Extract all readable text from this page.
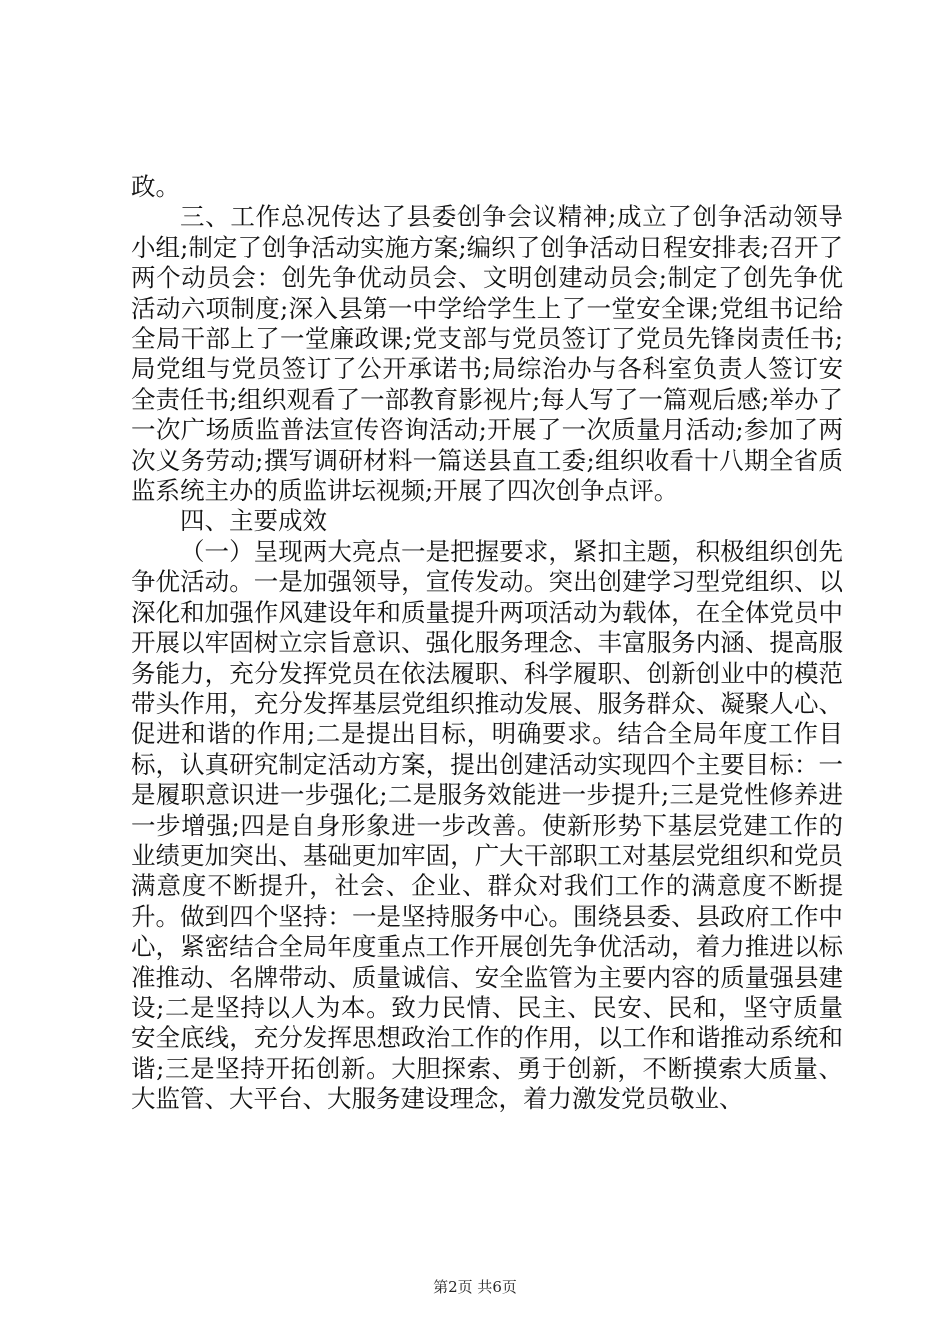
政。

三、工作总况传达了县委创争会议精神;成立了创争活动领导小组;制定了创争活动实施方案;编织了创争活动日程安排表;召开了两个动员会：创先争优动员会、文明创建动员会;制定了创先争优活动六项制度;深入县第一中学给学生上了一堂安全课;党组书记给全局干部上了一堂廉政课;党支部与党员签订了党员先锋岗责任书;局党组与党员签订了公开承诺书;局综治办与各科室负责人签订安全责任书;组织观看了一部教育影视片;每人写了一篇观后感;举办了一次广场质监普法宣传咨询活动;开展了一次质量月活动;参加了两次义务劳动;撰写调研材料一篇送县直工委;组织收看十八期全省质监系统主办的质监讲坛视频;开展了四次创争点评。

四、主要成效

（一）呈现两大亮点一是把握要求，紧扣主题，积极组织创先争优活动。一是加强领导，宣传发动。突出创建学习型党组织、以深化和加强作风建设年和质量提升两项活动为载体，在全体党员中开展以牢固树立宗旨意识、强化服务理念、丰富服务内涵、提高服务能力，充分发挥党员在依法履职、科学履职、创新创业中的模范带头作用，充分发挥基层党组织推动发展、服务群众、凝聚人心、促进和谐的作用;二是提出目标，明确要求。结合全局年度工作目标，认真研究制定活动方案，提出创建活动实现四个主要目标：一是履职意识进一步强化;二是服务效能进一步提升;三是党性修养进一步增强;四是自身形象进一步改善。使新形势下基层党建工作的业绩更加突出、基础更加牢固，广大干部职工对基层党组织和党员满意度不断提升，社会、企业、群众对我们工作的满意度不断提升。做到四个坚持：一是坚持服务中心。围绕县委、县政府工作中心，紧密结合全局年度重点工作开展创先争优活动，着力推进以标准推动、名牌带动、质量诚信、安全监管为主要内容的质量强县建设;二是坚持以人为本。致力民情、民主、民安、民和，坚守质量安全底线，充分发挥思想政治工作的作用，以工作和谐推动系统和谐;三是坚持开拓创新。大胆探索、勇于创新，不断摸索大质量、大监管、大平台、大服务建设理念，着力激发党员敬业、

第2页 共6页
